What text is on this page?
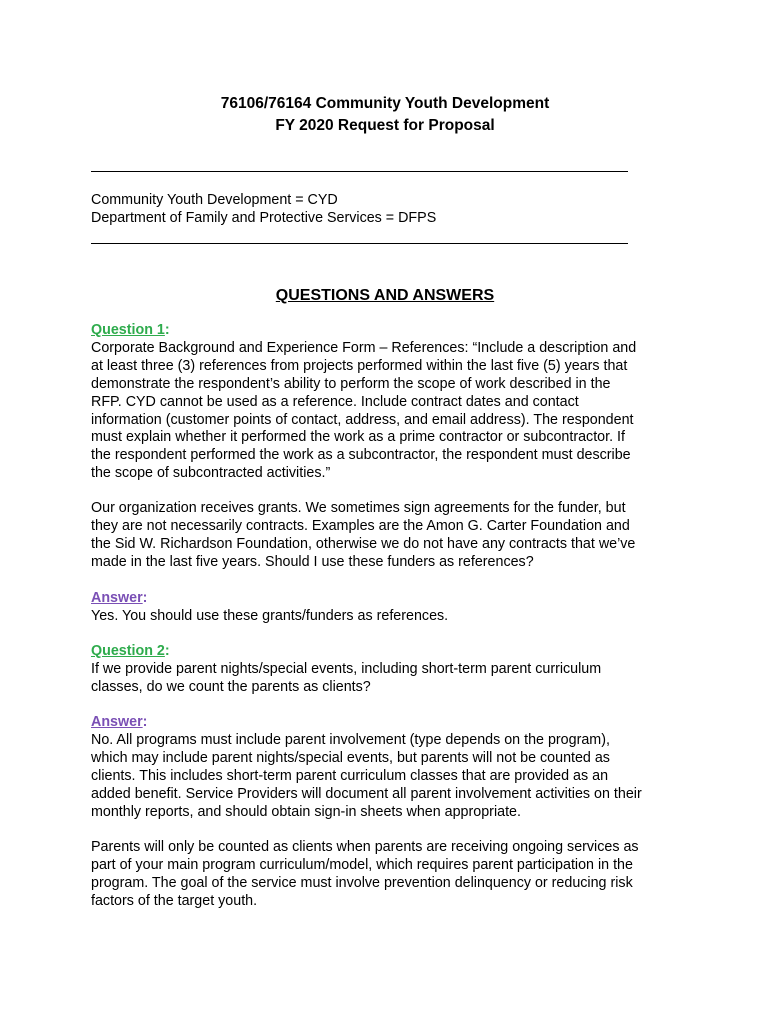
76106/76164 Community Youth Development
FY 2020 Request for Proposal
Community Youth Development = CYD
Department of Family and Protective Services = DFPS
QUESTIONS AND ANSWERS
Question 1:
Corporate Background and Experience Form – References: “Include a description and
at least three (3) references from projects performed within the last five (5) years that
demonstrate the respondent’s ability to perform the scope of work described in the
RFP. CYD cannot be used as a reference. Include contract dates and contact
information (customer points of contact, address, and email address). The respondent
must explain whether it performed the work as a prime contractor or subcontractor. If
the respondent performed the work as a subcontractor, the respondent must describe
the scope of subcontracted activities.”
Our organization receives grants. We sometimes sign agreements for the funder, but
they are not necessarily contracts. Examples are the Amon G. Carter Foundation and
the Sid W. Richardson Foundation, otherwise we do not have any contracts that we’ve
made in the last five years. Should I use these funders as references?
Answer:
Yes. You should use these grants/funders as references.
Question 2:
If we provide parent nights/special events, including short-term parent curriculum
classes, do we count the parents as clients?
Answer:
No. All programs must include parent involvement (type depends on the program),
which may include parent nights/special events, but parents will not be counted as
clients. This includes short-term parent curriculum classes that are provided as an
added benefit. Service Providers will document all parent involvement activities on their
monthly reports, and should obtain sign-in sheets when appropriate.
Parents will only be counted as clients when parents are receiving ongoing services as
part of your main program curriculum/model, which requires parent participation in the
program. The goal of the service must involve prevention delinquency or reducing risk
factors of the target youth.
